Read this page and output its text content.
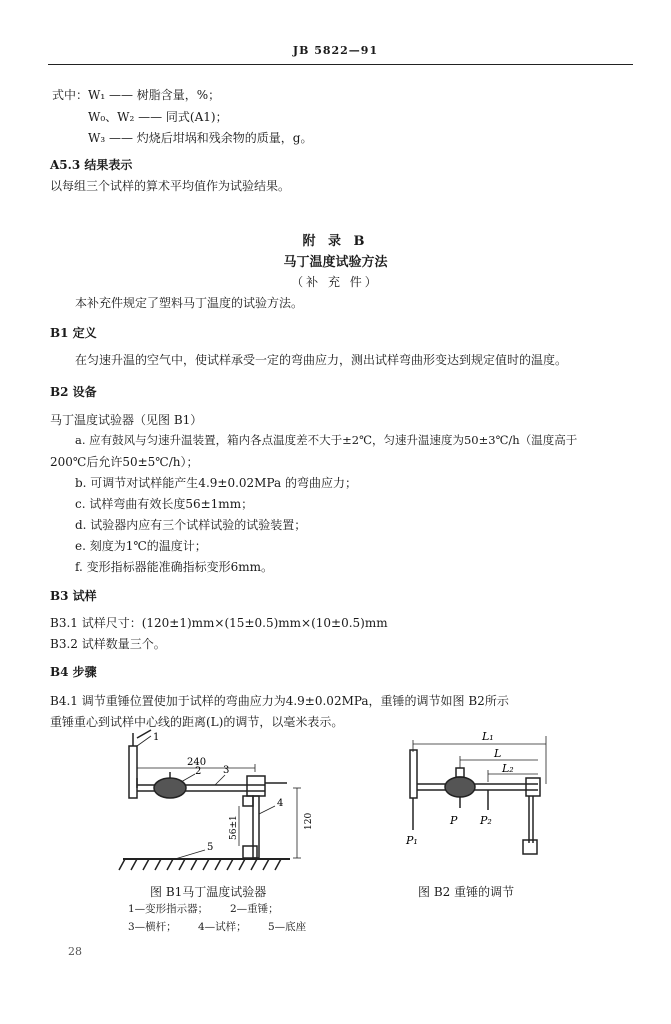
JB 5822—91
式中：W₁ —— 树脂含量，%；
W₀、W₂ —— 同式(A1)；
W₃ —— 灼烧后坩埚和残余物的质量，g。
A5.3 结果表示
以每组三个试样的算术平均值作为试验结果。
附 录 B
马丁温度试验方法
（补 充 件）
本补充件规定了塑料马丁温度的试验方法。
B1 定义
在匀速升温的空气中，使试样承受一定的弯曲应力，测出试样弯曲形变达到规定值时的温度。
B2 设备
马丁温度试验器（见图 B1）
a. 应有鼓风与匀速升温装置，箱内各点温度差不大于±2℃，匀速升温速度为50±3℃/h（温度高于
200℃后允许50±5℃/h）；
b. 可调节对试样能产生4.9±0.02MPa 的弯曲应力；
c. 试样弯曲有效长度56±1mm；
d. 试验器内应有三个试样试验的试验装置；
e. 刻度为1℃的温度计；
f. 变形指标器能准确指标变形6mm。
B3 试样
B3.1 试样尺寸：(120±1)mm×(15±0.5)mm×(10±0.5)mm
B3.2 试样数量三个。
B4 步骤
B4.1 调节重锤位置使加于试样的弯曲应力为4.9±0.02MPa，重锤的调节如图 B2所示
重锤重心到试样中心线的距离(L)的调节，以毫米表示。
1
240
2 3
4
5
56±1	120
图 B1马丁温度试验器
1—变形指示器； 2—重锤；
3—横杆； 4—试样； 5—底座
L₁
L
L₂
P P₂
P₁
图 B2 重锤的调节
28
